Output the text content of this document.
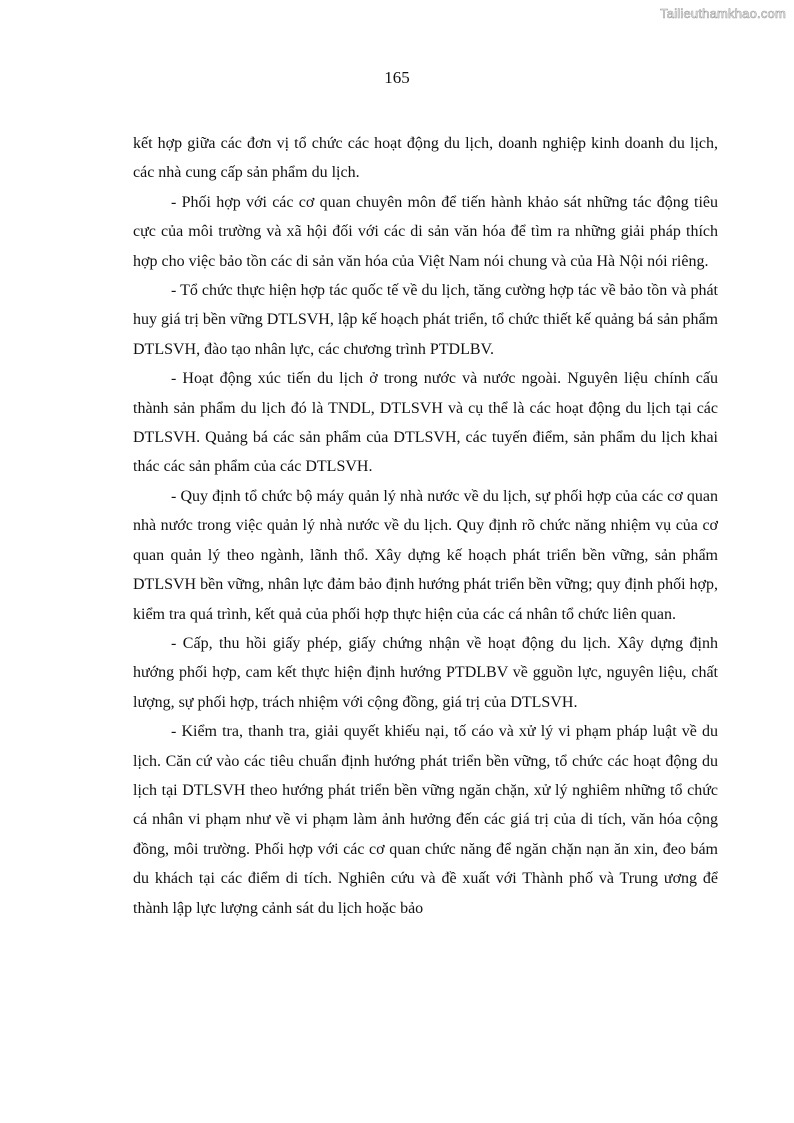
Tailieuthamkhao.com
165

kết hợp giữa các đơn vị tổ chức các hoạt động du lịch, doanh nghiệp kinh doanh du lịch, các nhà cung cấp sản phẩm du lịch.

- Phối hợp với các cơ quan chuyên môn để tiến hành khảo sát những tác động tiêu cực của môi trường và xã hội đối với các di sản văn hóa để tìm ra những giải pháp thích hợp cho việc bảo tồn các di sản văn hóa của Việt Nam nói chung và của Hà Nội nói riêng.

- Tổ chức thực hiện hợp tác quốc tế về du lịch, tăng cường hợp tác về bảo tồn và phát huy giá trị bền vững DTLSVH, lập kế hoạch phát triển, tổ chức thiết kế quảng bá sản phẩm DTLSVH, đào tạo nhân lực, các chương trình PTDLBV.

- Hoạt động xúc tiến du lịch ở trong nước và nước ngoài. Nguyên liệu chính cấu thành sản phẩm du lịch đó là TNDL, DTLSVH và cụ thể là các hoạt động du lịch tại các DTLSVH. Quảng bá các sản phẩm của DTLSVH, các tuyến điểm, sản phẩm du lịch khai thác các sản phẩm của các DTLSVH.

- Quy định tổ chức bộ máy quản lý nhà nước về du lịch, sự phối hợp của các cơ quan nhà nước trong việc quản lý nhà nước về du lịch. Quy định rõ chức năng nhiệm vụ của cơ quan quản lý theo ngành, lãnh thổ. Xây dựng kế hoạch phát triển bền vững, sản phẩm DTLSVH bền vững, nhân lực đảm bảo định hướng phát triển bền vững; quy định phối hợp, kiểm tra quá trình, kết quả của phối hợp thực hiện của các cá nhân tổ chức liên quan.

- Cấp, thu hồi giấy phép, giấy chứng nhận về hoạt động du lịch. Xây dựng định hướng phối hợp, cam kết thực hiện định hướng PTDLBV về gguồn lực, nguyên liệu, chất lượng, sự phối hợp, trách nhiệm với cộng đồng, giá trị của DTLSVH.

- Kiểm tra, thanh tra, giải quyết khiếu nại, tố cáo và xử lý vi phạm pháp luật về du lịch. Căn cứ vào các tiêu chuẩn định hướng phát triển bền vững, tổ chức các hoạt động du lịch tại DTLSVH theo hướng phát triển bền vững ngăn chặn, xử lý nghiêm những tổ chức cá nhân vi phạm như về vi phạm làm ảnh hưởng đến các giá trị của di tích, văn hóa cộng đồng, môi trường. Phối hợp với các cơ quan chức năng để ngăn chặn nạn ăn xin, đeo bám du khách tại các điểm di tích. Nghiên cứu và đề xuất với Thành phố và Trung ương để thành lập lực lượng cảnh sát du lịch hoặc bảo
